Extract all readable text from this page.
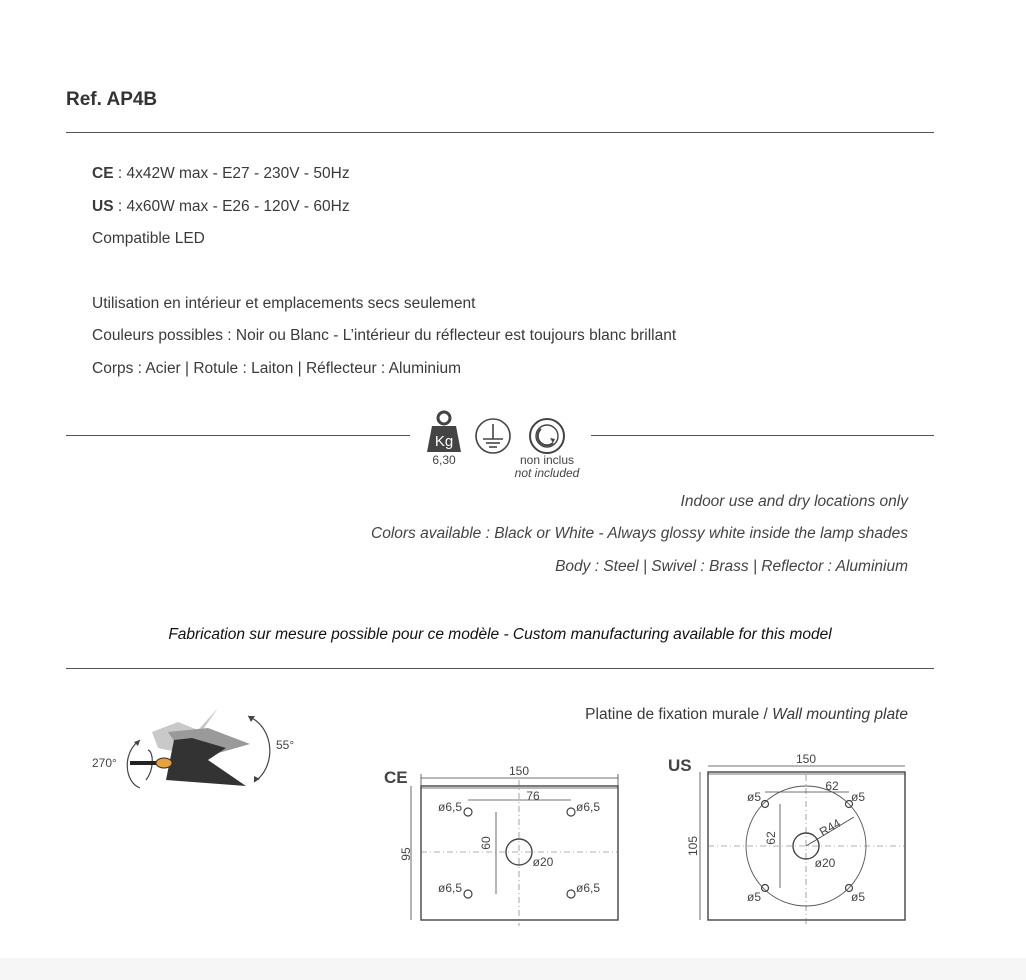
Ref. AP4B
CE : 4x42W max - E27 - 230V - 50Hz
US : 4x60W max - E26 - 120V - 60Hz
Compatible LED
Utilisation en intérieur et emplacements secs seulement
Couleurs possibles : Noir ou Blanc - L’intérieur du réflecteur est toujours blanc brillant
Corps : Acier | Rotule : Laiton | Réflecteur : Aluminium
Kg
6,30	non inclus
not included
Indoor use and dry locations only
Colors available : Black or White - Always glossy white inside the lamp shades
Body : Steel | Swivel : Brass | Reflector : Aluminium
Fabrication sur mesure possible pour ce modèle - Custom manufacturing available for this model
Platine de fixation murale / Wall mounting plate
270°
55°
CE	150
95
76
60
ø20
ø6,5	ø6,5
ø6,5	ø6,5
US	150
105
62
62	R44
ø20
ø5	ø5
ø5	ø5
